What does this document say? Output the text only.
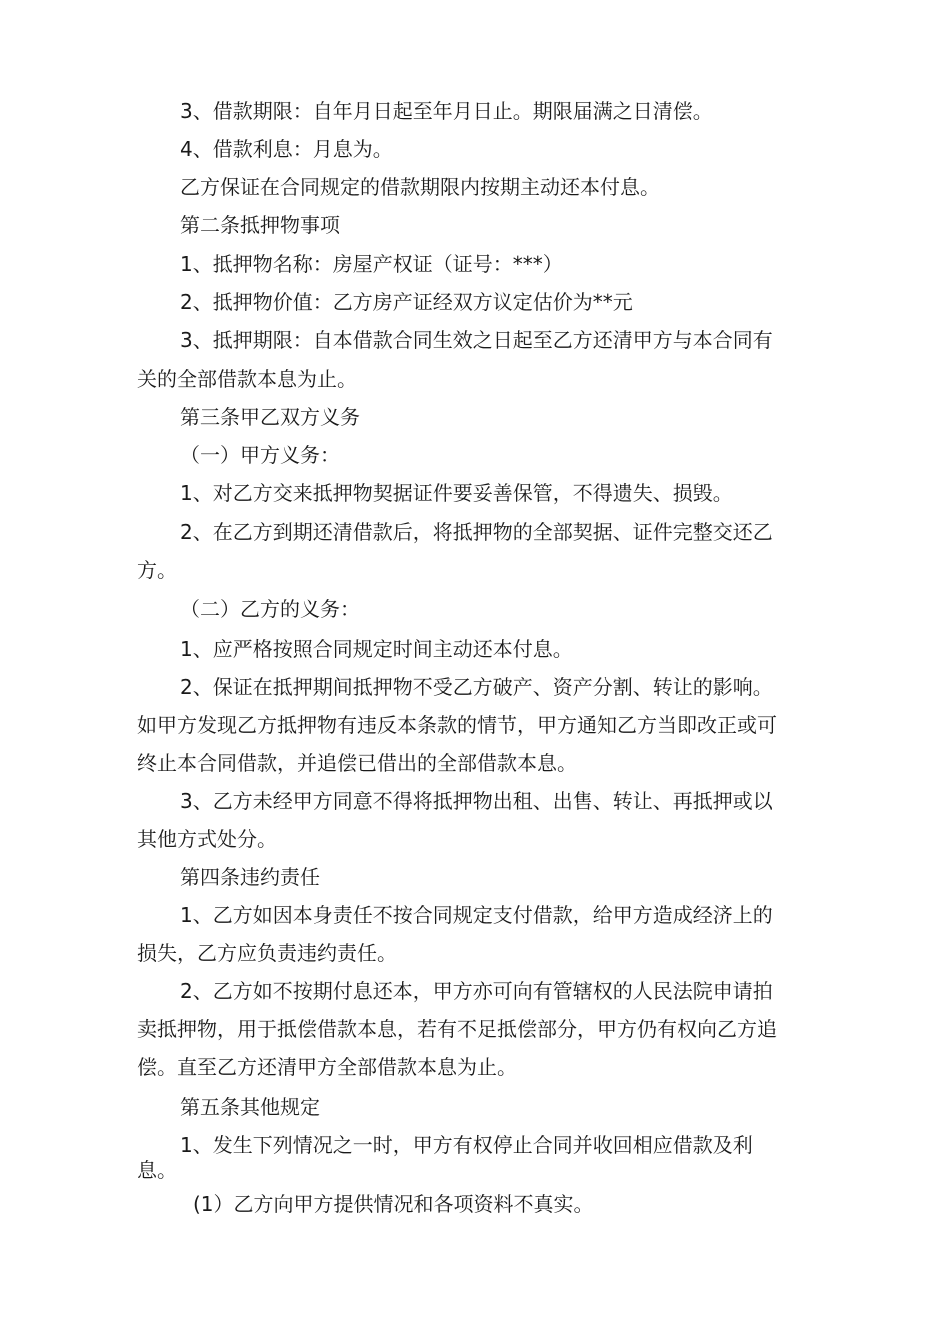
3、借款期限：自年月日起至年月日止。期限届满之日清偿。

4、借款利息：月息为。

乙方保证在合同规定的借款期限内按期主动还本付息。

第二条抵押物事项

1、抵押物名称：房屋产权证（证号：***）

2、抵押物价值：乙方房产证经双方议定估价为**元

3、抵押期限：自本借款合同生效之日起至乙方还清甲方与本合同有

关的全部借款本息为止。

第三条甲乙双方义务

（一）甲方义务：

1、对乙方交来抵押物契据证件要妥善保管，不得遗失、损毁。

2、在乙方到期还清借款后，将抵押物的全部契据、证件完整交还乙

方。

（二）乙方的义务：

1、应严格按照合同规定时间主动还本付息。

2、保证在抵押期间抵押物不受乙方破产、资产分割、转让的影响。

如甲方发现乙方抵押物有违反本条款的情节，甲方通知乙方当即改正或可

终止本合同借款，并追偿已借出的全部借款本息。

3、乙方未经甲方同意不得将抵押物出租、出售、转让、再抵押或以

其他方式处分。

第四条违约责任

1、乙方如因本身责任不按合同规定支付借款，给甲方造成经济上的

损失，乙方应负责违约责任。

2、乙方如不按期付息还本，甲方亦可向有管辖权的人民法院申请拍

卖抵押物，用于抵偿借款本息，若有不足抵偿部分，甲方仍有权向乙方追

偿。直至乙方还清甲方全部借款本息为止。

第五条其他规定

1、发生下列情况之一时，甲方有权停止合同并收回相应借款及利

息。

(1）乙方向甲方提供情况和各项资料不真实。
